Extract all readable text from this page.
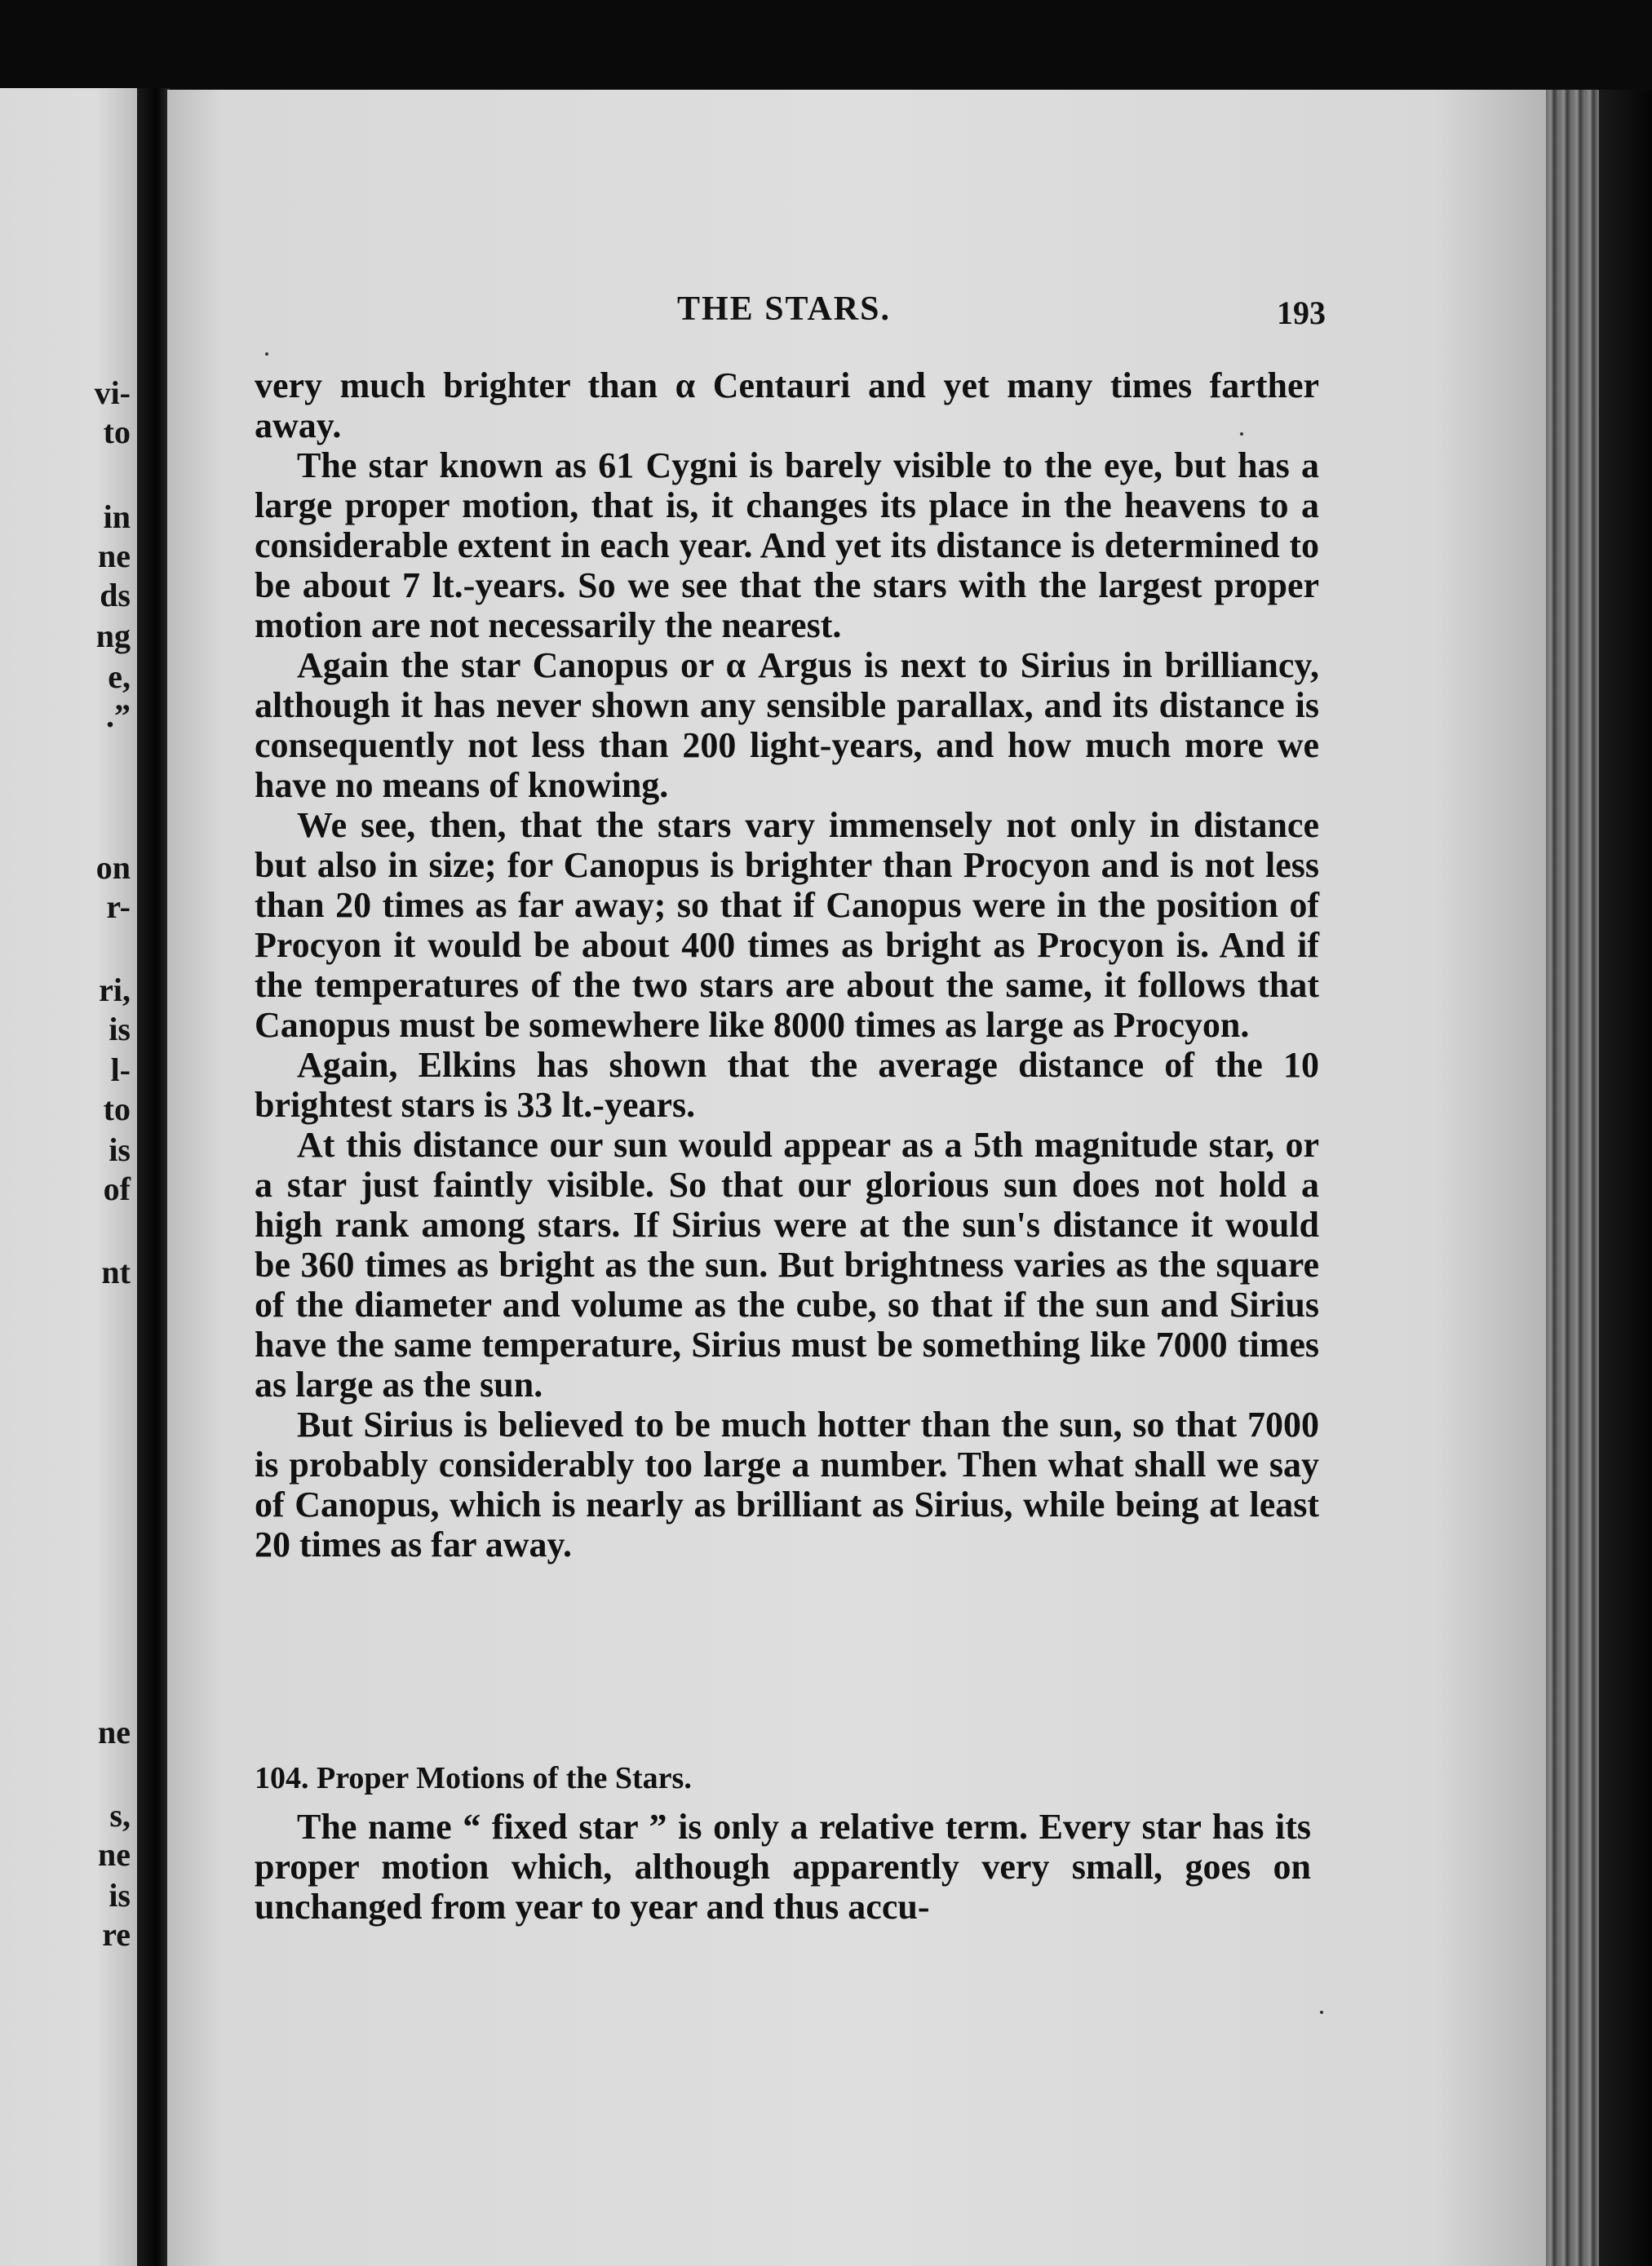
vi-
to
in
ne
ds
ng
e,
.”
on
r-
ri,
is
l-
to
is
of
nt
ne
s,
ne
is
re
THE STARS.	193

very much brighter than α Centauri and yet many times farther away.

The star known as 61 Cygni is barely visible to the eye, but has a large proper motion, that is, it changes its place in the heavens to a considerable extent in each year. And yet its distance is determined to be about 7 lt.-years. So we see that the stars with the largest proper motion are not necessarily the nearest.

Again the star Canopus or α Argus is next to Sirius in brilliancy, although it has never shown any sensible parallax, and its distance is consequently not less than 200 light-years, and how much more we have no means of knowing.

We see, then, that the stars vary immensely not only in distance but also in size; for Canopus is brighter than Procyon and is not less than 20 times as far away; so that if Canopus were in the position of Procyon it would be about 400 times as bright as Procyon is. And if the temperatures of the two stars are about the same, it follows that Canopus must be somewhere like 8000 times as large as Procyon.

Again, Elkins has shown that the average distance of the 10 brightest stars is 33 lt.-years.

At this distance our sun would appear as a 5th magnitude star, or a star just faintly visible. So that our glorious sun does not hold a high rank among stars. If Sirius were at the sun's distance it would be 360 times as bright as the sun. But brightness varies as the square of the diameter and volume as the cube, so that if the sun and Sirius have the same temperature, Sirius must be something like 7000 times as large as the sun.

But Sirius is believed to be much hotter than the sun, so that 7000 is probably considerably too large a number. Then what shall we say of Canopus, which is nearly as brilliant as Sirius, while being at least 20 times as far away.

104. Proper Motions of the Stars.

The name “ fixed star ” is only a relative term. Every star has its proper motion which, although apparently very small, goes on unchanged from year to year and thus accu-
